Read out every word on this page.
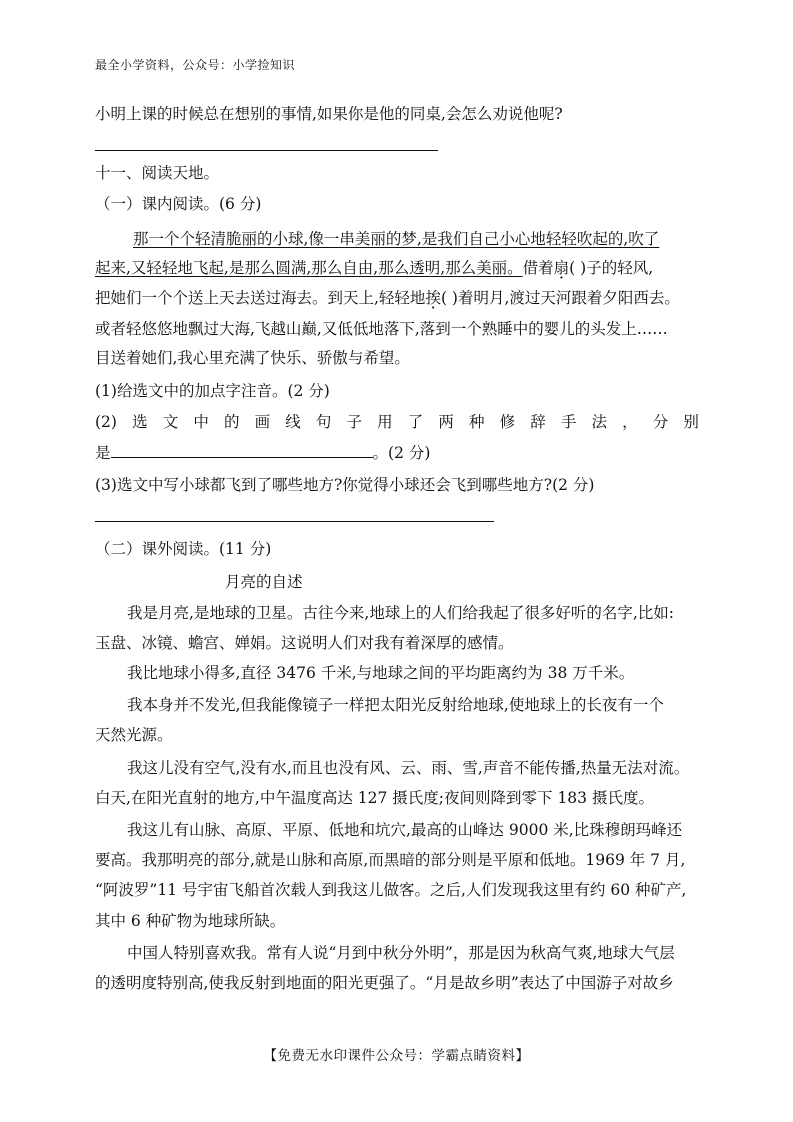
最全小学资料，公众号：小学捡知识
小明上课的时候总在想别的事情,如果你是他的同桌,会怎么劝说他呢?
十一、阅读天地。
（一）课内阅读。(6 分)
那一个个轻清脆丽的小球,像一串美丽的梦,是我们自己小心地轻轻吹起的,吹了
起来,又轻轻地飞起,是那么圆满,那么自由,那么透明,那么美丽。借着扇( )子的轻风,
把她们一个个送上天去送过海去。到天上,轻轻地挨( )着明月,渡过天河跟着夕阳西去。
或者轻悠悠地飘过大海,飞越山巅,又低低地落下,落到一个熟睡中的婴儿的头发上……
目送着她们,我心里充满了快乐、骄傲与希望。
(1)给选文中的加点字注音。(2 分)
(2) 选 文 中 的 画 线 句 子 用 了 两 种 修 辞 手 法 ， 分 别
是	。(2 分)
(3)选文中写小球都飞到了哪些地方?你觉得小球还会飞到哪些地方?(2 分)
（二）课外阅读。(11 分)
月亮的自述
我是月亮,是地球的卫星。古往今来,地球上的人们给我起了很多好听的名字,比如:
玉盘、冰镜、蟾宫、婵娟。这说明人们对我有着深厚的感情。
我比地球小得多,直径 3476 千米,与地球之间的平均距离约为 38 万千米。
我本身并不发光,但我能像镜子一样把太阳光反射给地球,使地球上的长夜有一个
天然光源。
我这儿没有空气,没有水,而且也没有风、云、雨、雪,声音不能传播,热量无法对流。
白天,在阳光直射的地方,中午温度高达 127 摄氏度;夜间则降到零下 183 摄氏度。
我这儿有山脉、高原、平原、低地和坑穴,最高的山峰达 9000 米,比珠穆朗玛峰还
要高。我那明亮的部分,就是山脉和高原,而黑暗的部分则是平原和低地。1969 年 7 月,
“阿波罗”11 号宇宙飞船首次载人到我这儿做客。之后,人们发现我这里有约 60 种矿产,
其中 6 种矿物为地球所缺。
中国人特别喜欢我。常有人说“月到中秋分外明”，那是因为秋高气爽,地球大气层
的透明度特别高,使我反射到地面的阳光更强了。“月是故乡明”表达了中国游子对故乡
【免费无水印课件公众号：学霸点睛资料】
